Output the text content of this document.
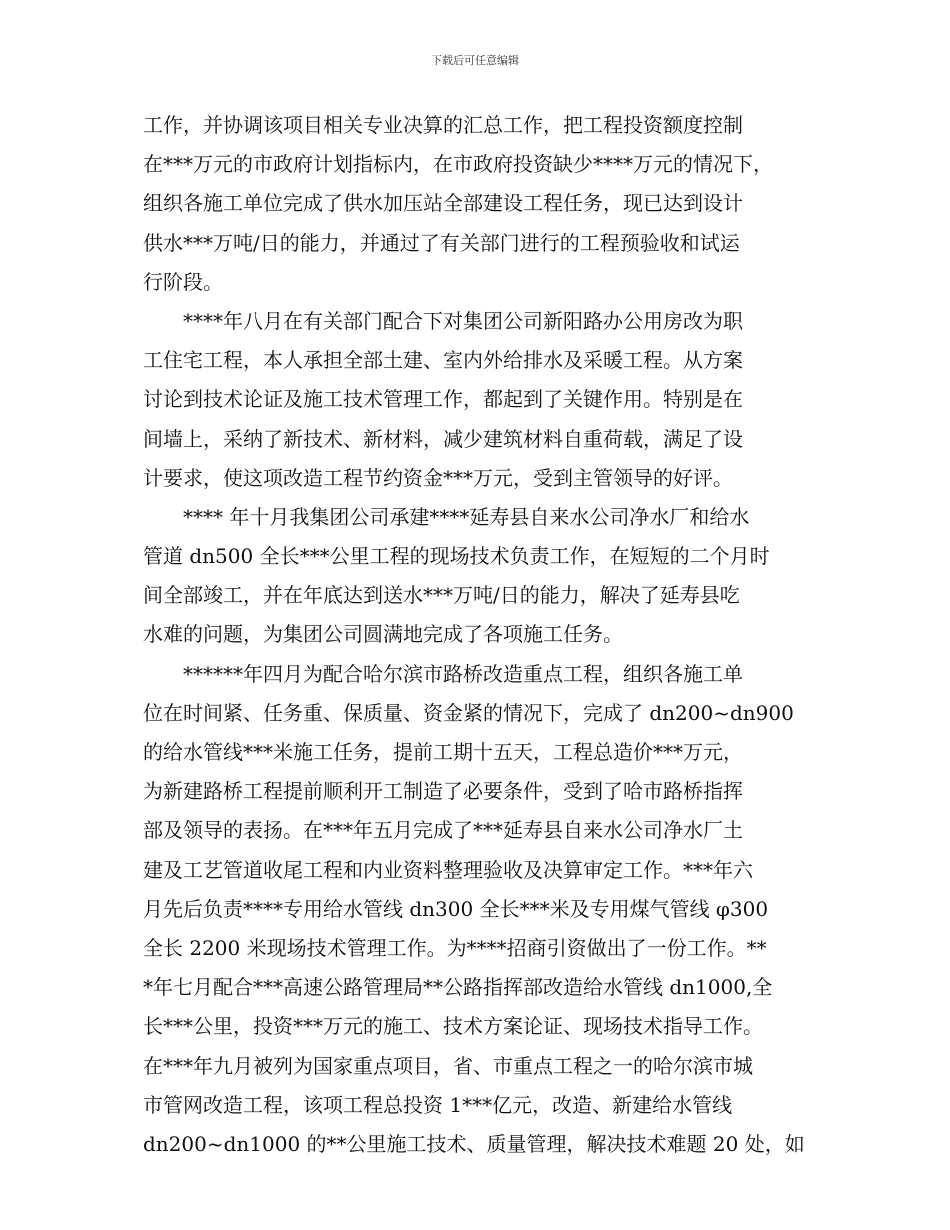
下载后可任意编辑
工作，并协调该项目相关专业决算的汇总工作，把工程投资额度控制
在***万元的市政府计划指标内，在市政府投资缺少****万元的情况下，
组织各施工单位完成了供水加压站全部建设工程任务，现已达到设计
供水***万吨/日的能力，并通过了有关部门进行的工程预验收和试运
行阶段。
　　****年八月在有关部门配合下对集团公司新阳路办公用房改为职
工住宅工程，本人承担全部土建、室内外给排水及采暖工程。从方案
讨论到技术论证及施工技术管理工作，都起到了关键作用。特别是在
间墙上，采纳了新技术、新材料，减少建筑材料自重荷载，满足了设
计要求，使这项改造工程节约资金***万元，受到主管领导的好评。
　　**** 年十月我集团公司承建****延寿县自来水公司净水厂和给水
管道 dn500 全长***公里工程的现场技术负责工作，在短短的二个月时
间全部竣工，并在年底达到送水***万吨/日的能力，解决了延寿县吃
水难的问题，为集团公司圆满地完成了各项施工任务。
　　******年四月为配合哈尔滨市路桥改造重点工程，组织各施工单
位在时间紧、任务重、保质量、资金紧的情况下，完成了 dn200~dn900
的给水管线***米施工任务，提前工期十五天，工程总造价***万元，
为新建路桥工程提前顺利开工制造了必要条件，受到了哈市路桥指挥
部及领导的表扬。在***年五月完成了***延寿县自来水公司净水厂土
建及工艺管道收尾工程和内业资料整理验收及决算审定工作。***年六
月先后负责****专用给水管线 dn300 全长***米及专用煤气管线 φ300
全长 2200 米现场技术管理工作。为****招商引资做出了一份工作。**
*年七月配合***高速公路管理局**公路指挥部改造给水管线 dn1000,全
长***公里，投资***万元的施工、技术方案论证、现场技术指导工作。
在***年九月被列为国家重点项目，省、市重点工程之一的哈尔滨市城
市管网改造工程，该项工程总投资 1***亿元，改造、新建给水管线
dn200~dn1000 的**公里施工技术、质量管理，解决技术难题 20 处，如
